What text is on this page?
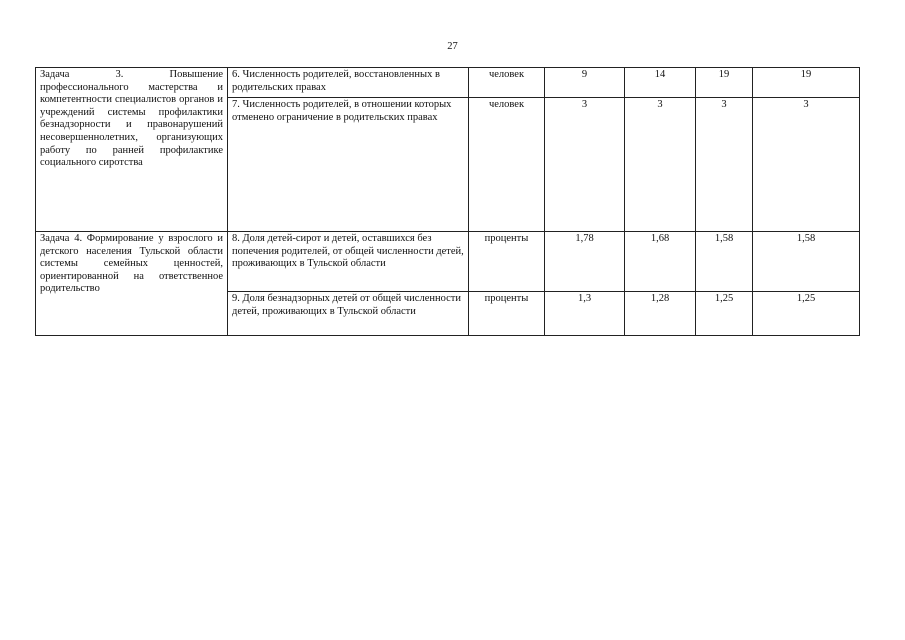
27
Задача 3. Повышение профессионального мастерства и компетентности специалистов органов и учреждений системы профилактики безнадзорности и правонарушений несовершеннолетних, организующих работу по ранней профилактике социального сиротства	6. Численность родителей, восстановленных в родительских правах	человек	9	14	19	19
	7. Численность родителей, в отношении которых отменено ограничение в родительских правах	человек	3	3	3	3
Задача 4. Формирование у взрослого и детского населения Тульской области системы семейных ценностей, ориентированной на ответственное родительство	8. Доля детей-сирот и детей, оставшихся без попечения родителей, от общей численности детей, проживающих в Тульской области	проценты	1,78	1,68	1,58	1,58
	9. Доля безнадзорных детей от общей численности детей, проживающих в Тульской области	проценты	1,3	1,28	1,25	1,25
